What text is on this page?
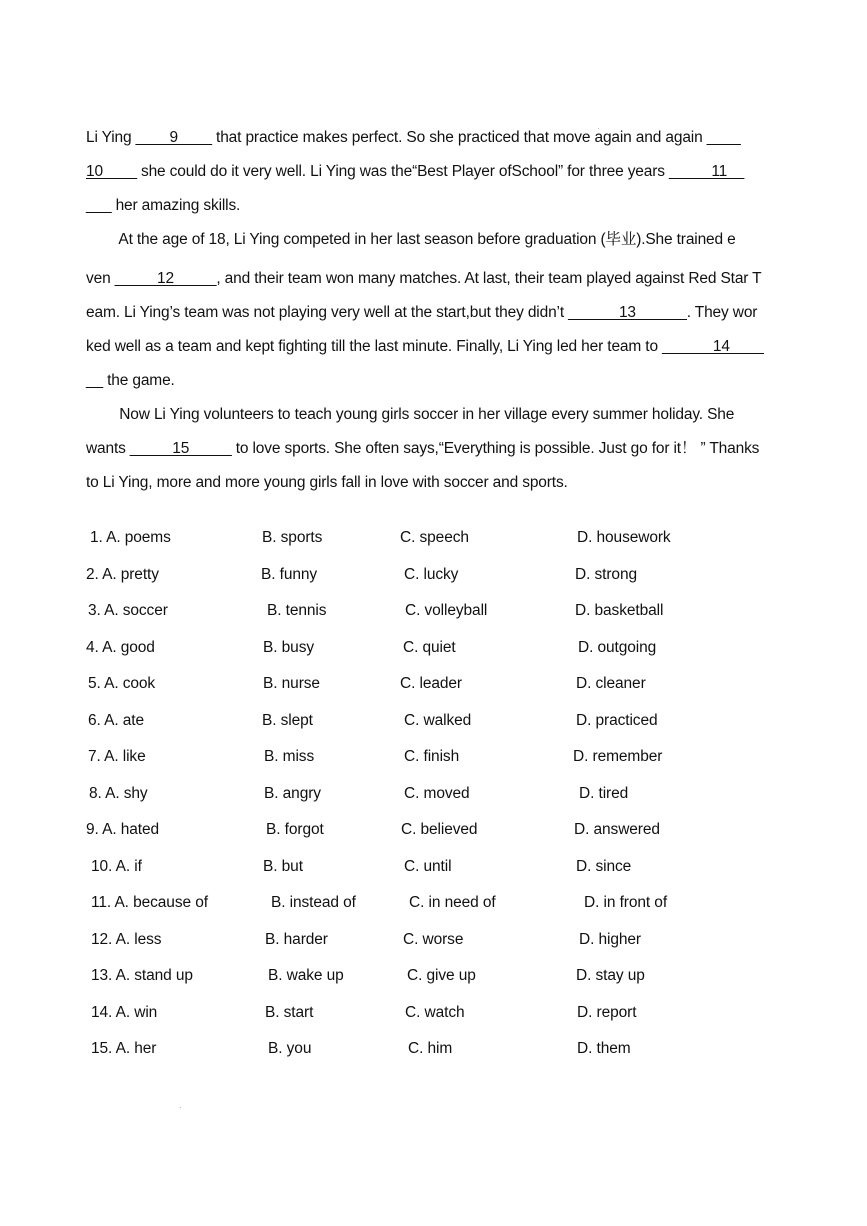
Li Ying ____9____ that practice makes perfect. So she practiced that move again and again ____
10____ she could do it very well. Li Ying was the“Best Player ofSchool” for three years _____11__
___ her amazing skills.
At the age of 18, Li Ying competed in her last season before graduation (毕业).She trained e
ven _____12_____, and their team won many matches. At last, their team played against Red Star T
eam. Li Ying’s team was not playing very well at the start,but they didn’t ______13______. They wor
ked well as a team and kept fighting till the last minute. Finally, Li Ying led her team to ______14____
__ the game.
Now Li Ying volunteers to teach young girls soccer in her village every summer holiday. She
wants _____15_____ to love sports. She often says,“Everything is possible. Just go for it！ ” Thanks
to Li Ying, more and more young girls fall in love with soccer and sports.
1. A. poems	B. sports	C. speech	D. housework
2. A. pretty	B. funny	C. lucky	D. strong
3. A. soccer	B. tennis	C. volleyball	D. basketball
4. A. good	B. busy	C. quiet	D. outgoing
5. A. cook	B. nurse	C. leader	D. cleaner
6. A. ate	B. slept	C. walked	D. practiced
7. A. like	B. miss	C. finish	D. remember
8. A. shy	B. angry	C. moved	D. tired
9. A. hated	B. forgot	C. believed	D. answered
10. A. if	B. but	C. until	D. since
11. A. because of	B. instead of	C. in need of	D. in front of
12. A. less	B. harder	C. worse	D. higher
13. A. stand up	B. wake up	C. give up	D. stay up
14. A. win	B. start	C. watch	D. report
15. A. her	B. you	C. him	D. them
